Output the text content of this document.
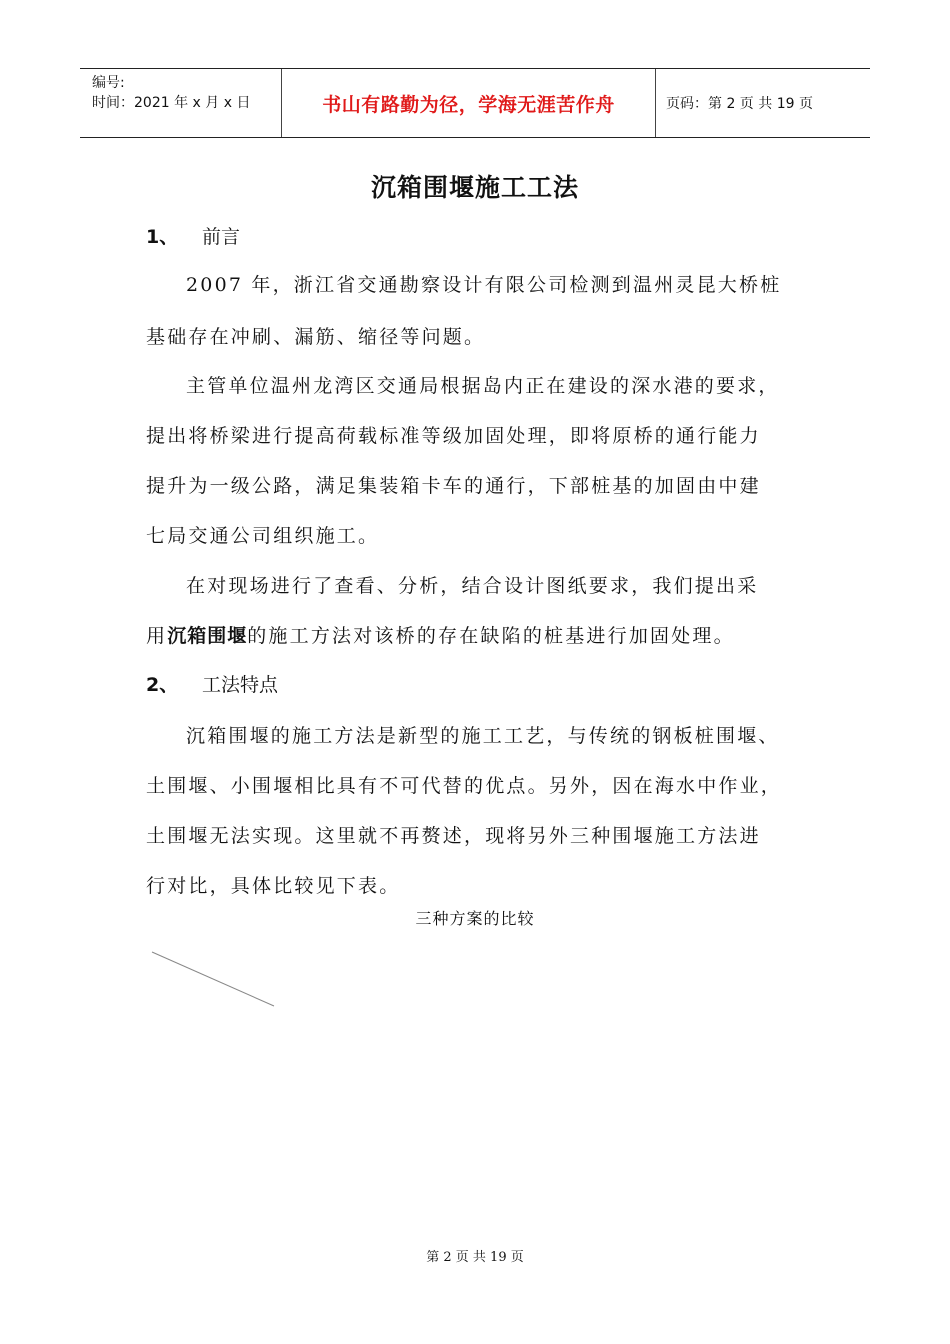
编号:
时间：2021 年 x 月 x 日	书山有路勤为径，学海无涯苦作舟	页码：第 2 页 共 19 页
沉箱围堰施工工法
1、 前言
2007 年，浙江省交通勘察设计有限公司检测到温州灵昆大桥桩
基础存在冲刷、漏筋、缩径等问题。
主管单位温州龙湾区交通局根据岛内正在建设的深水港的要求，
提出将桥梁进行提高荷载标准等级加固处理，即将原桥的通行能力
提升为一级公路，满足集装箱卡车的通行，下部桩基的加固由中建
七局交通公司组织施工。
在对现场进行了查看、分析，结合设计图纸要求，我们提出采
用沉箱围堰的施工方法对该桥的存在缺陷的桩基进行加固处理。
2、 工法特点
沉箱围堰的施工方法是新型的施工工艺，与传统的钢板桩围堰、
土围堰、小围堰相比具有不可代替的优点。另外，因在海水中作业，
土围堰无法实现。这里就不再赘述，现将另外三种围堰施工方法进
行对比，具体比较见下表。
三种方案的比较
第 2 页 共 19 页
